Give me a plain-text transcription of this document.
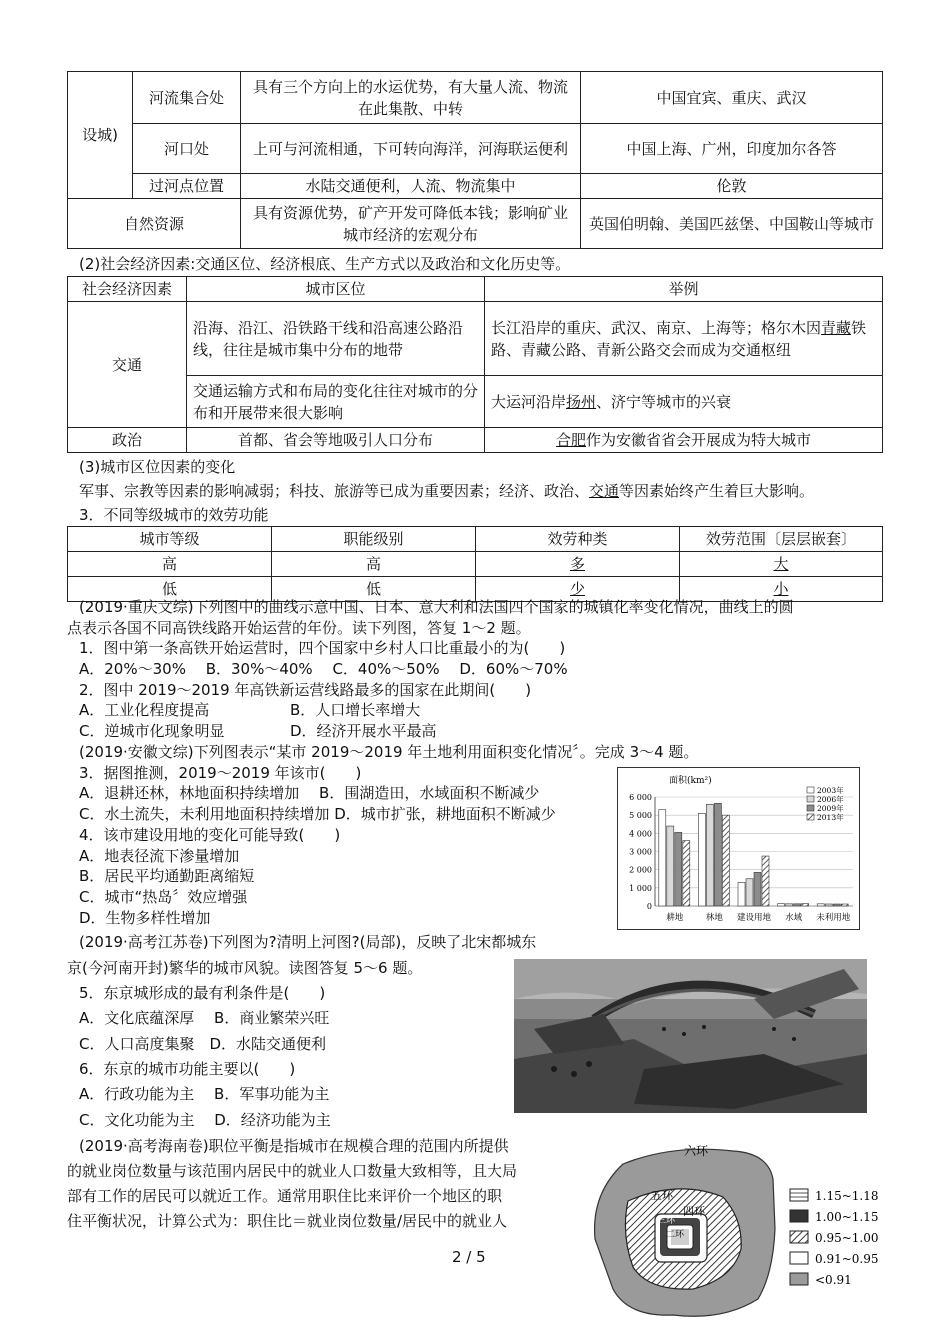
设城)	河流集合处	具有三个方向上的水运优势，有大量人流、物流在此集散、中转	中国宜宾、重庆、武汉
	河口处	上可与河流相通，下可转向海洋，河海联运便利	中国上海、广州，印度加尔各答
	过河点位置	水陆交通便利，人流、物流集中	伦敦
自然资源		具有资源优势，矿产开发可降低本钱；影响矿业城市经济的宏观分布	英国伯明翰、美国匹兹堡、中国鞍山等城市
(2)社会经济因素:交通区位、经济根底、生产方式以及政治和文化历史等。
社会经济因素	城市区位	举例
交通	沿海、沿江、沿铁路干线和沿高速公路沿线，往往是城市集中分布的地带	长江沿岸的重庆、武汉、南京、上海等；格尔木因青藏铁路、青藏公路、青新公路交会而成为交通枢纽
	交通运输方式和布局的变化往往对城市的分布和开展带来很大影响	大运河沿岸扬州、济宁等城市的兴衰
政治	首都、省会等地吸引人口分布	合肥作为安徽省省会开展成为特大城市
(3)城市区位因素的变化
军事、宗教等因素的影响减弱；科技、旅游等已成为重要因素；经济、政治、交通等因素始终产生着巨大影响。
3．不同等级城市的效劳功能
城市等级	职能级别	效劳种类	效劳范围〔层层嵌套〕
高	高	多	大
低	低	少	小
(2019·重庆文综)下列图中的曲线示意中国、日本、意大利和法国四个国家的城镇化率变化情况，曲线上的圆
点表示各国不同高铁线路开始运营的年份。读下列图，答复 1～2 题。
1．图中第一条高铁开始运营时，四个国家中乡村人口比重最小的为(　　)
A．20%～30%　 B．30%～40%　 C．40%～50%　 D．60%～70%
2．图中 2019～2019 年高铁新运营线路最多的国家在此期间(　　)
A．工业化程度提高	B．人口增长率增大
C．逆城市化现象明显	D．经济开展水平最高
(2019·安徽文综)下列图表示“某市 2019～2019 年土地利用面积变化情况〞。完成 3～4 题。
3．据图推测，2019～2019 年该市(　　)
A．退耕还林，林地面积持续增加　 B．围湖造田，水域面积不断减少
C．水土流失，未利用地面积持续增加 D．城市扩张，耕地面积不断减少
4．该市建设用地的变化可能导致(　　)
A．地表径流下渗量增加
B．居民平均通勤距离缩短
C．城市“热岛〞效应增强
D．生物多样性增加
面积(km²)
0
1 000
2 000
3 000
4 000
5 000
6 000
耕地	林地 建设用地 水域 未利用地
2003年
2006年
2009年
2013年
(2019·高考江苏卷)下列图为?清明上河图?(局部)，反映了北宋都城东
京(今河南开封)繁华的城市风貌。读图答复 5～6 题。
5．东京城形成的最有利条件是(　　)
A．文化底蕴深厚　 B．商业繁荣兴旺
C．人口高度集聚　D．水陆交通便利
6．东京的城市功能主要以(　　)
A．行政功能为主　 B．军事功能为主
C．文化功能为主　 D．经济功能为主
(2019·高考海南卷)职位平衡是指城市在规模合理的范围内所提供
的就业岗位数量与该范围内居民中的就业人口数量大致相等，且大局
部有工作的居民可以就近工作。通常用职住比来评价一个地区的职
住平衡状况，计算公式为：职住比＝就业岗位数量/居民中的就业人
六环
五环
四环
二环
三环
1.15~1.18
1.00~1.15
0.95~1.00
0.91~0.95
<0.91
2 / 5
